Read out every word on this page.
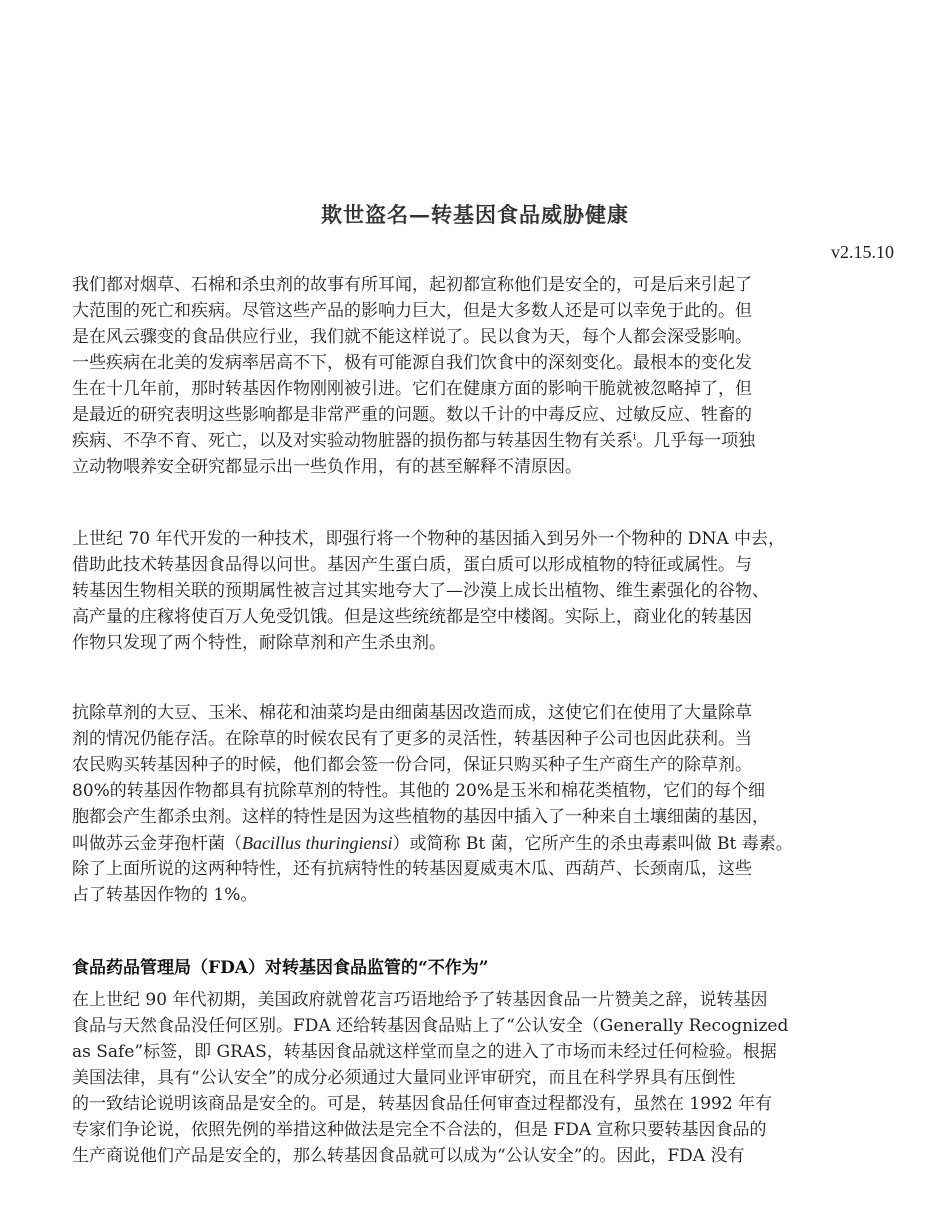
欺世盗名—转基因食品威胁健康
v2.15.10
我们都对烟草、石棉和杀虫剂的故事有所耳闻，起初都宣称他们是安全的，可是后来引起了
大范围的死亡和疾病。尽管这些产品的影响力巨大，但是大多数人还是可以幸免于此的。但
是在风云骤变的食品供应行业，我们就不能这样说了。民以食为天，每个人都会深受影响。
一些疾病在北美的发病率居高不下，极有可能源自我们饮食中的深刻变化。最根本的变化发
生在十几年前，那时转基因作物刚刚被引进。它们在健康方面的影响干脆就被忽略掉了，但
是最近的研究表明这些影响都是非常严重的问题。数以千计的中毒反应、过敏反应、牲畜的
疾病、不孕不育、死亡，以及对实验动物脏器的损伤都与转基因生物有关系$^i$。几乎每一项独
立动物喂养安全研究都显示出一些负作用，有的甚至解释不清原因。
上世纪 70 年代开发的一种技术，即强行将一个物种的基因插入到另外一个物种的 DNA 中去，
借助此技术转基因食品得以问世。基因产生蛋白质，蛋白质可以形成植物的特征或属性。与
转基因生物相关联的预期属性被言过其实地夸大了—沙漠上成长出植物、维生素强化的谷物、
高产量的庄稼将使百万人免受饥饿。但是这些统统都是空中楼阁。实际上，商业化的转基因
作物只发现了两个特性，耐除草剂和产生杀虫剂。
抗除草剂的大豆、玉米、棉花和油菜均是由细菌基因改造而成，这使它们在使用了大量除草
剂的情况仍能存活。在除草的时候农民有了更多的灵活性，转基因种子公司也因此获利。当
农民购买转基因种子的时候，他们都会签一份合同，保证只购买种子生产商生产的除草剂。
80%的转基因作物都具有抗除草剂的特性。其他的 20%是玉米和棉花类植物，它们的每个细
胞都会产生都杀虫剂。这样的特性是因为这些植物的基因中插入了一种来自土壤细菌的基因，
叫做苏云金芽孢杆菌（Bacillus thuringiensi）或简称 Bt 菌，它所产生的杀虫毒素叫做 Bt 毒素。
除了上面所说的这两种特性，还有抗病特性的转基因夏威夷木瓜、西葫芦、长颈南瓜，这些
占了转基因作物的 1%。
食品药品管理局（FDA）对转基因食品监管的“不作为”
在上世纪 90 年代初期，美国政府就曾花言巧语地给予了转基因食品一片赞美之辞，说转基因
食品与天然食品没任何区别。FDA 还给转基因食品贴上了“公认安全（Generally Recognized
as Safe”标签，即 GRAS，转基因食品就这样堂而皇之的进入了市场而未经过任何检验。根据
美国法律，具有“公认安全”的成分必须通过大量同业评审研究，而且在科学界具有压倒性
的一致结论说明该商品是安全的。可是，转基因食品任何审查过程都没有，虽然在 1992 年有
专家们争论说，依照先例的举措这种做法是完全不合法的，但是 FDA 宣称只要转基因食品的
生产商说他们产品是安全的，那么转基因食品就可以成为“公认安全”的。因此，FDA 没有
